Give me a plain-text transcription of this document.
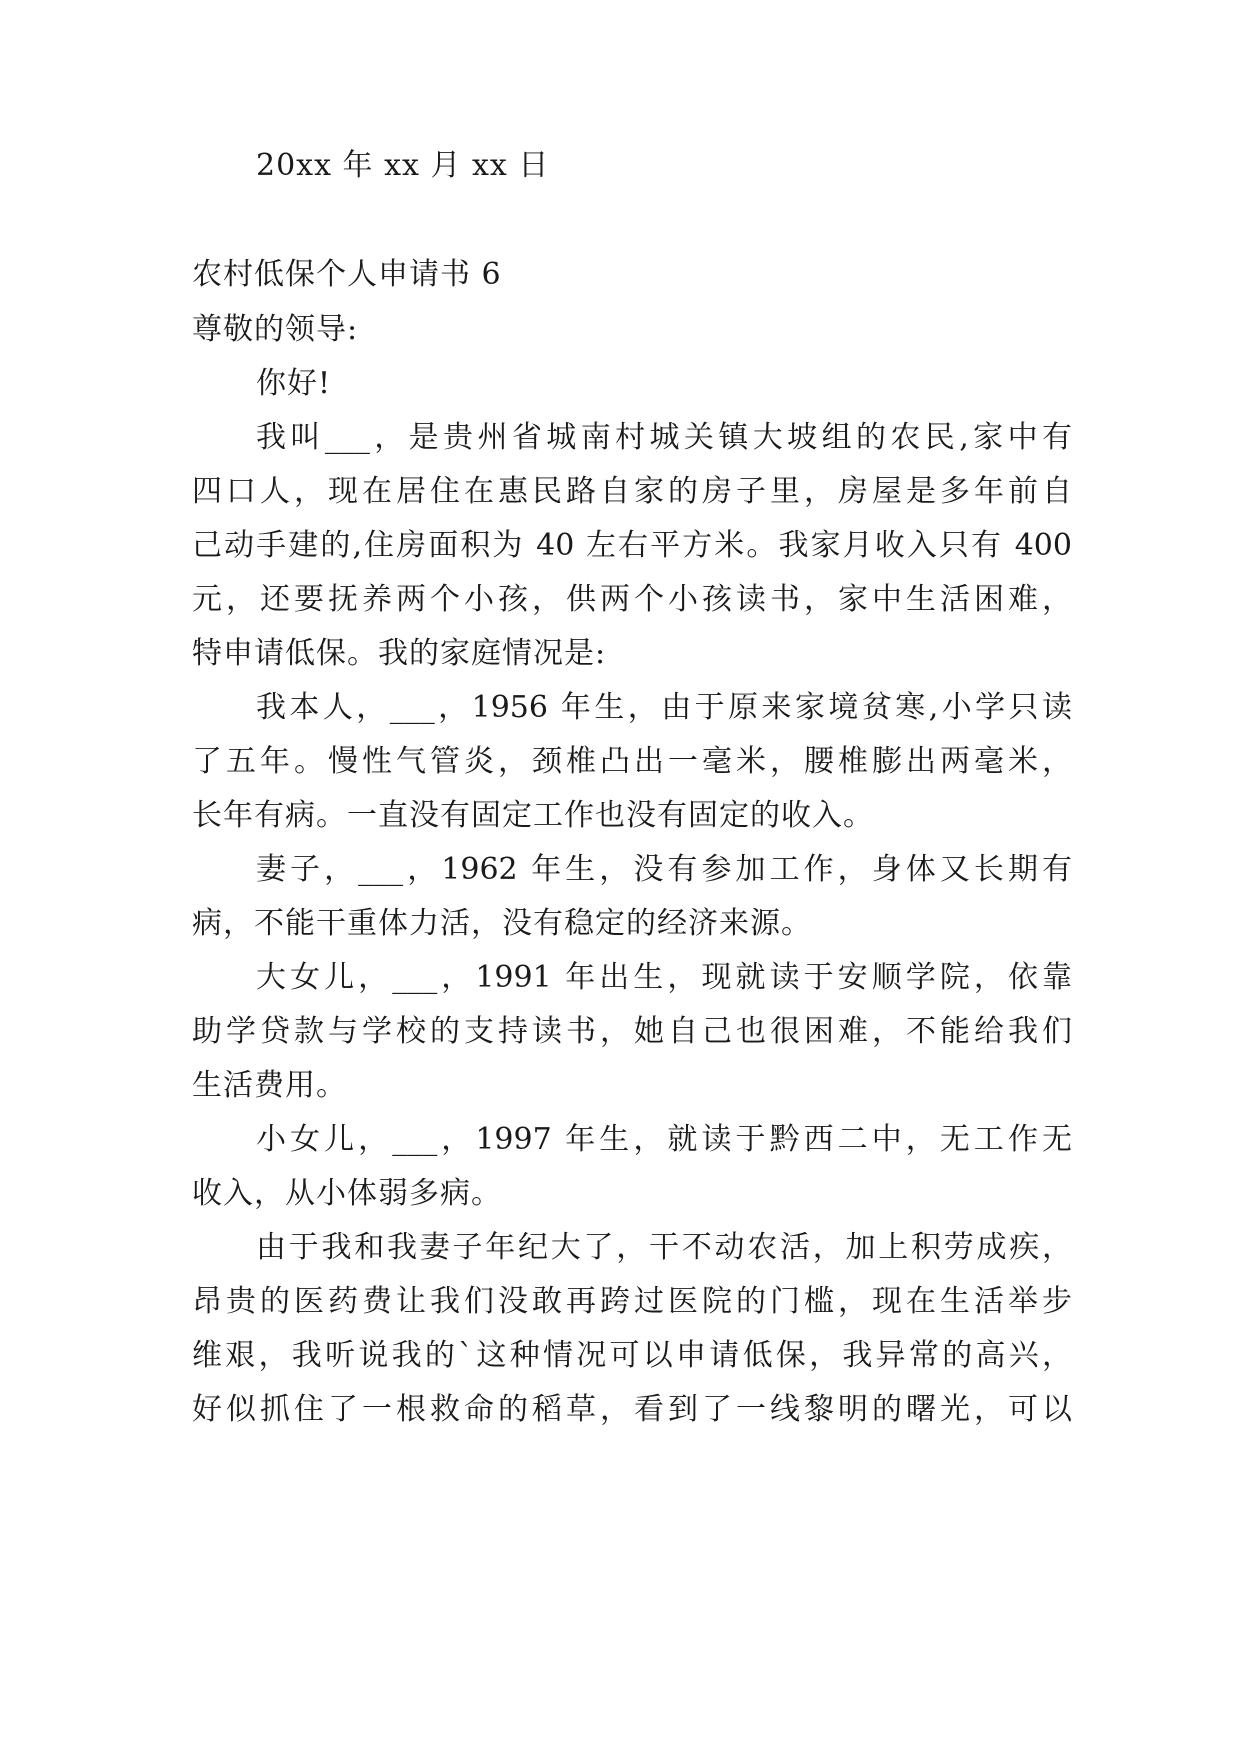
20xx 年 xx 月 xx 日
农村低保个人申请书 6
尊敬的领导:
你好!
我叫___，是贵州省城南村城关镇大坡组的农民,家中有
四口人，现在居住在惠民路自家的房子里，房屋是多年前自
己动手建的,住房面积为 40 左右平方米。我家月收入只有 400
元，还要抚养两个小孩，供两个小孩读书，家中生活困难，
特申请低保。我的家庭情况是:
我本人，___，1956 年生，由于原来家境贫寒,小学只读
了五年。慢性气管炎，颈椎凸出一毫米，腰椎膨出两毫米，
长年有病。一直没有固定工作也没有固定的收入。
妻子，___，1962 年生，没有参加工作，身体又长期有
病，不能干重体力活，没有稳定的经济来源。
大女儿，___，1991 年出生，现就读于安顺学院，依靠
助学贷款与学校的支持读书，她自己也很困难，不能给我们
生活费用。
小女儿，___，1997 年生，就读于黔西二中，无工作无
收入，从小体弱多病。
由于我和我妻子年纪大了，干不动农活，加上积劳成疾，
昂贵的医药费让我们没敢再跨过医院的门槛，现在生活举步
维艰，我听说我的`这种情况可以申请低保，我异常的高兴，
好似抓住了一根救命的稻草，看到了一线黎明的曙光，可以
